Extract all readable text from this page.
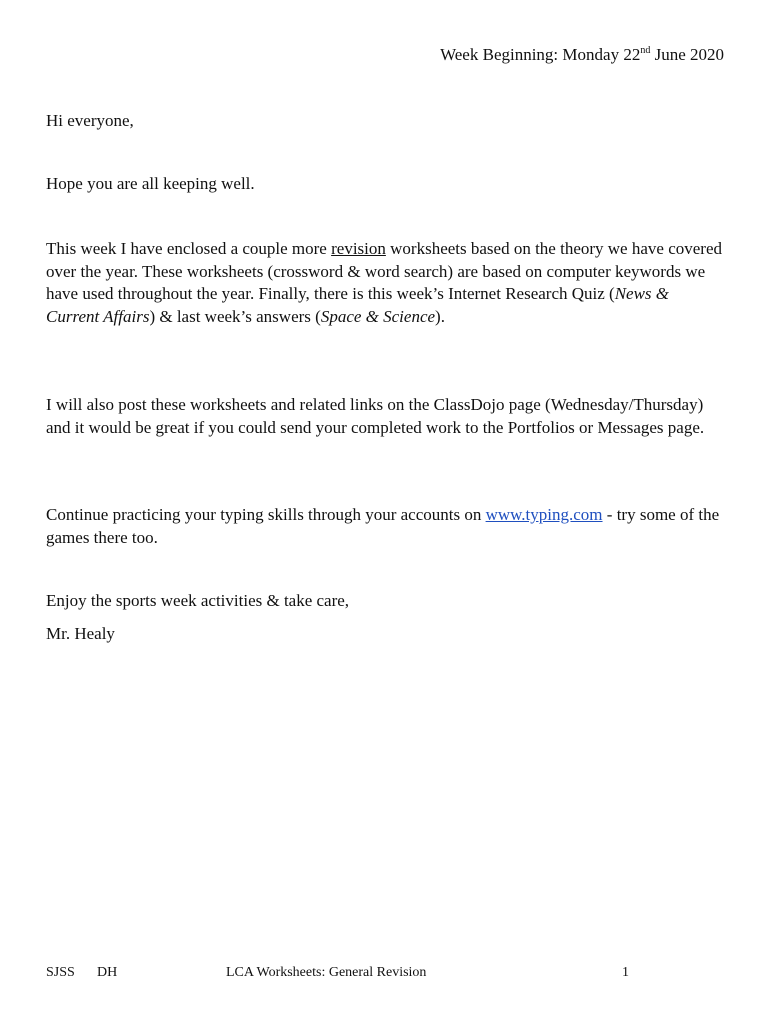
Week Beginning: Monday 22nd June 2020

Hi everyone,

Hope you are all keeping well.

This week I have enclosed a couple more revision worksheets based on the theory we have covered over the year. These worksheets (crossword & word search) are based on computer keywords we have used throughout the year. Finally, there is this week’s Internet Research Quiz (News & Current Affairs) & last week’s answers (Space & Science).

I will also post these worksheets and related links on the ClassDojo page (Wednesday/Thursday) and it would be great if you could send your completed work to the Portfolios or Messages page.

Continue practicing your typing skills through your accounts on www.typing.com - try some of the games there too.

Enjoy the sports week activities & take care,

Mr. Healy

SJSS DH	LCA Worksheets: General Revision	1
